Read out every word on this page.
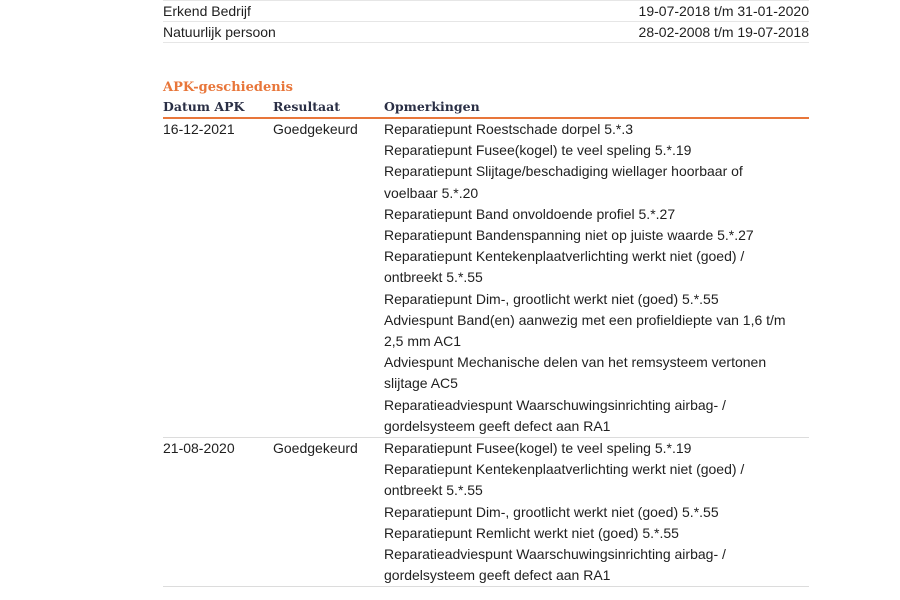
Erkend Bedrijf	19-07-2018 t/m 31-01-2020
Natuurlijk persoon	28-02-2008 t/m 19-07-2018
APK-geschiedenis
Datum APK	Resultaat	Opmerkingen
16-12-2021	Goedgekeurd	Reparatiepunt Roestschade dorpel 5.*.3
Reparatiepunt Fusee(kogel) te veel speling 5.*.19
Reparatiepunt Slijtage/beschadiging wiellager hoorbaar of voelbaar 5.*.20
Reparatiepunt Band onvoldoende profiel 5.*.27
Reparatiepunt Bandenspanning niet op juiste waarde 5.*.27
Reparatiepunt Kentekenplaatverlichting werkt niet (goed) / ontbreekt 5.*.55
Reparatiepunt Dim-, grootlicht werkt niet (goed) 5.*.55
Adviespunt Band(en) aanwezig met een profieldiepte van 1,6 t/m 2,5 mm AC1
Adviespunt Mechanische delen van het remsysteem vertonen slijtage AC5
Reparatieadviespunt Waarschuwingsinrichting airbag- / gordelsysteem geeft defect aan RA1
21-08-2020	Goedgekeurd	Reparatiepunt Fusee(kogel) te veel speling 5.*.19
Reparatiepunt Kentekenplaatverlichting werkt niet (goed) / ontbreekt 5.*.55
Reparatiepunt Dim-, grootlicht werkt niet (goed) 5.*.55
Reparatiepunt Remlicht werkt niet (goed) 5.*.55
Reparatieadviespunt Waarschuwingsinrichting airbag- / gordelsysteem geeft defect aan RA1
